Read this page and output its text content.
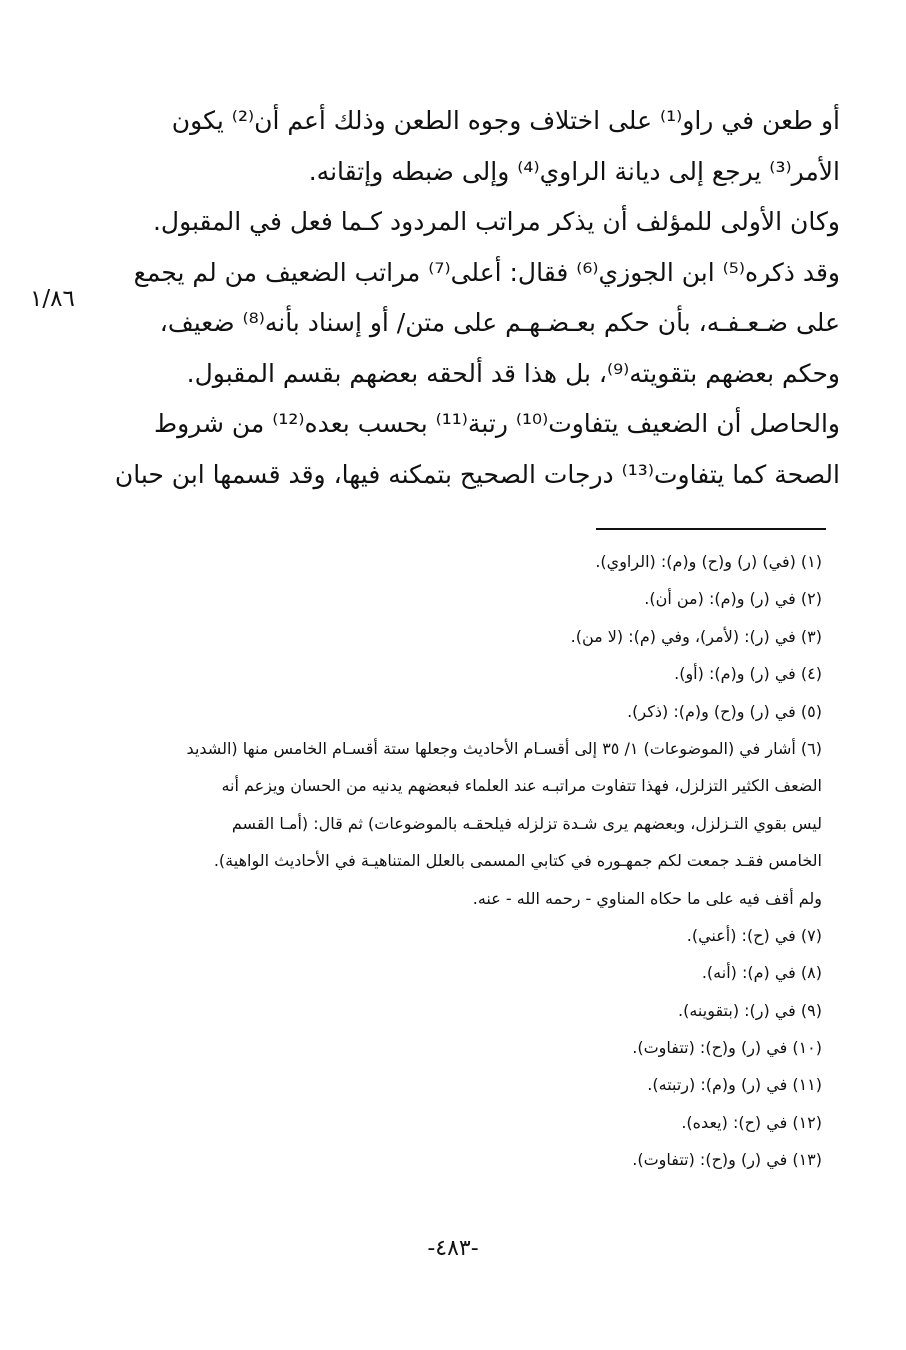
١/٨٦
أو طعن في راو⁽¹⁾ على اختلاف وجوه الطعن وذلك أعم أن⁽²⁾ يكون
الأمر⁽³⁾ يرجع إلى ديانة الراوي⁽⁴⁾ وإلى ضبطه وإتقانه.
وكان الأولى للمؤلف أن يذكر مراتب المردود كـما فعل في المقبول.
وقد ذكره⁽⁵⁾ ابن الجوزي⁽⁶⁾ فقال: أعلى⁽⁷⁾ مراتب الضعيف من لم يجمع
على ضـعـفـه، بأن حكم بعـضـهـم على متن/ أو إسناد بأنه⁽⁸⁾ ضعيف،
وحكم بعضهم بتقويته⁽⁹⁾، بل هذا قد ألحقه بعضهم بقسم المقبول.
والحاصل أن الضعيف يتفاوت⁽¹⁰⁾ رتبة⁽¹¹⁾ بحسب بعده⁽¹²⁾ من شروط
الصحة كما يتفاوت⁽¹³⁾ درجات الصحيح بتمكنه فيها، وقد قسمها ابن حبان
(١) (في) (ر) و(ح) و(م): (الراوي).
(٢) في (ر) و(م): (من أن).
(٣) في (ر): (لأمر)، وفي (م): (لا من).
(٤) في (ر) و(م): (أو).
(٥) في (ر) و(ح) و(م): (ذكر).
(٦) أشار في (الموضوعات) ١/ ٣٥ إلى أقسـام الأحاديث وجعلها ستة أقسـام الخامس منها (الشديد
الضعف الكثير التزلزل، فهذا تتفاوت مراتبـه عند العلماء فبعضهم يدنيه من الحسان ويزعم أنه
ليس بقوي التـزلزل، وبعضهم يرى شـدة تزلزله فيلحقـه بالموضوعات) ثم قال: (أمـا القسم
الخامس فقـد جمعت لكم جمهـوره في كتابي المسمى بالعلل المتناهيـة في الأحاديث الواهية).
ولم أقف فيه على ما حكاه المناوي - رحمه الله - عنه.
(٧) في (ح): (أعني).
(٨) في (م): (أنه).
(٩) في (ر): (بتقوينه).
(١٠) في (ر) و(ح): (تتفاوت).
(١١) في (ر) و(م): (رتبته).
(١٢) في (ح): (يعده).
(١٣) في (ر) و(ح): (تتفاوت).
-٤٨٣-
